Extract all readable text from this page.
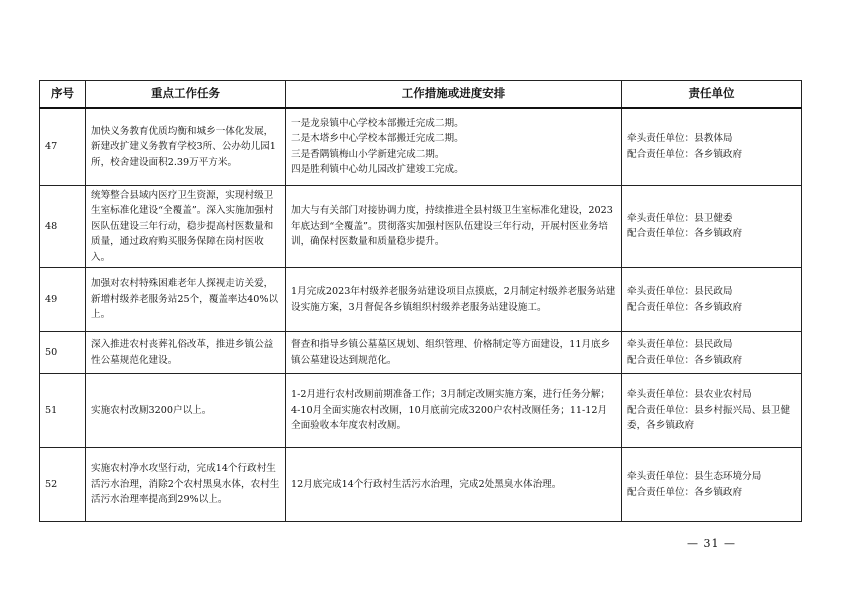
序号	重点工作任务	工作措施或进度安排	责任单位
47	加快义务教育优质均衡和城乡一体化发展，新建改扩建义务教育学校3所、公办幼儿园1所，校舍建设面积2.39万平方米。	一是龙泉镇中心学校本部搬迁完成二期。
二是木塔乡中心学校本部搬迁完成二期。
三是香隅镇梅山小学新建完成二期。
四是胜利镇中心幼儿园改扩建竣工完成。	牵头责任单位：县教体局
配合责任单位：各乡镇政府

48	统筹整合县域内医疗卫生资源，实现村级卫生室标准化建设“全覆盖”。深入实施加强村医队伍建设三年行动，稳步提高村医数量和质量，通过政府购买服务保障在岗村医收入。	加大与有关部门对接协调力度，持续推进全县村级卫生室标准化建设，2023年底达到“全覆盖”。贯彻落实加强村医队伍建设三年行动，开展村医业务培训，确保村医数量和质量稳步提升。	牵头责任单位：县卫健委
配合责任单位：各乡镇政府

49	加强对农村特殊困难老年人探视走访关爱，新增村级养老服务站25个，覆盖率达40%以上。	1月完成2023年村级养老服务站建设项目点摸底，2月制定村级养老服务站建设实施方案，3月督促各乡镇组织村级养老服务站建设施工。	牵头责任单位：县民政局
配合责任单位：各乡镇政府

50	深入推进农村丧葬礼俗改革，推进乡镇公益性公墓规范化建设。	督查和指导乡镇公墓墓区规划、组织管理、价格制定等方面建设，11月底乡镇公墓建设达到规范化。	牵头责任单位：县民政局
配合责任单位：各乡镇政府

51	实施农村改厕3200户以上。	1-2月进行农村改厕前期准备工作；3月制定改厕实施方案，进行任务分解；4-10月全面实施农村改厕，10月底前完成3200户农村改厕任务；11-12月全面验收本年度农村改厕。	牵头责任单位：县农业农村局
配合责任单位：县乡村振兴局、县卫健委，各乡镇政府

52	实施农村净水攻坚行动，完成14个行政村生活污水治理，消除2个农村黑臭水体，农村生活污水治理率提高到29%以上。	12月底完成14个行政村生活污水治理，完成2处黑臭水体治理。	牵头责任单位：县生态环境分局
配合责任单位：各乡镇政府
— 31 —
